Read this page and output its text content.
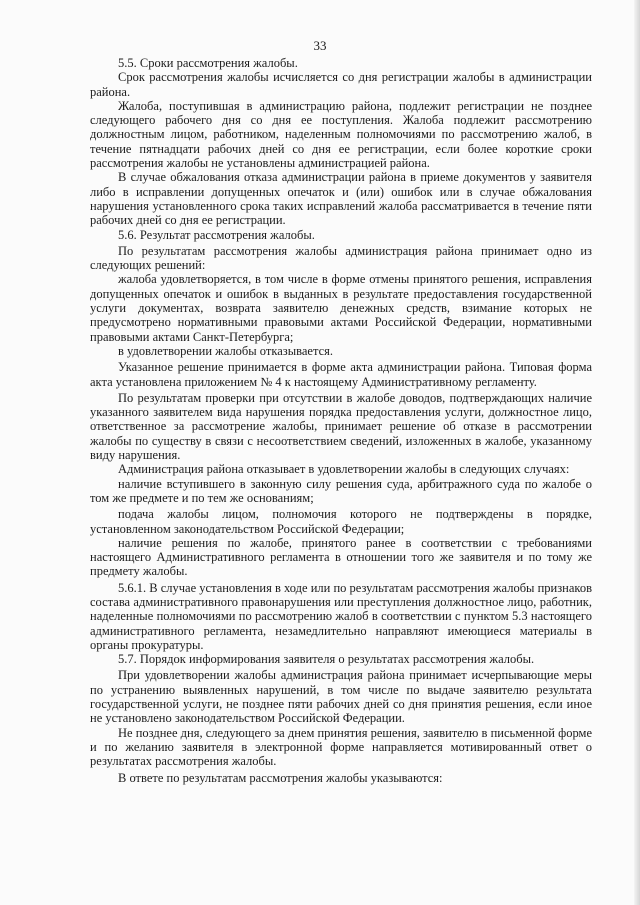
33

5.5. Сроки рассмотрения жалобы.

Срок рассмотрения жалобы исчисляется со дня регистрации жалобы в администрации района.

Жалоба, поступившая в администрацию района, подлежит регистрации не позднее следующего рабочего дня со дня ее поступления. Жалоба подлежит рассмотрению должностным лицом, работником, наделенным полномочиями по рассмотрению жалоб, в течение пятнадцати рабочих дней со дня ее регистрации, если более короткие сроки рассмотрения жалобы не установлены администрацией района.

В случае обжалования отказа администрации района в приеме документов у заявителя либо в исправлении допущенных опечаток и (или) ошибок или в случае обжалования нарушения установленного срока таких исправлений жалоба рассматривается в течение пяти рабочих дней со дня ее регистрации.

5.6. Результат рассмотрения жалобы.

По результатам рассмотрения жалобы администрация района принимает одно из следующих решений:

жалоба удовлетворяется, в том числе в форме отмены принятого решения, исправления допущенных опечаток и ошибок в выданных в результате предоставления государственной услуги документах, возврата заявителю денежных средств, взимание которых не предусмотрено нормативными правовыми актами Российской Федерации, нормативными правовыми актами Санкт-Петербурга;

в удовлетворении жалобы отказывается.

Указанное решение принимается в форме акта администрации района. Типовая форма акта установлена приложением № 4 к настоящему Административному регламенту.

По результатам проверки при отсутствии в жалобе доводов, подтверждающих наличие указанного заявителем вида нарушения порядка предоставления услуги, должностное лицо, ответственное за рассмотрение жалобы, принимает решение об отказе в рассмотрении жалобы по существу в связи с несоответствием сведений, изложенных в жалобе, указанному виду нарушения.

Администрация района отказывает в удовлетворении жалобы в следующих случаях:

наличие вступившего в законную силу решения суда, арбитражного суда по жалобе о том же предмете и по тем же основаниям;

подача жалобы лицом, полномочия которого не подтверждены в порядке, установленном законодательством Российской Федерации;

наличие решения по жалобе, принятого ранее в соответствии с требованиями настоящего Административного регламента в отношении того же заявителя и по тому же предмету жалобы.

5.6.1. В случае установления в ходе или по результатам рассмотрения жалобы признаков состава административного правонарушения или преступления должностное лицо, работник, наделенные полномочиями по рассмотрению жалоб в соответствии с пунктом 5.3 настоящего административного регламента, незамедлительно направляют имеющиеся материалы в органы прокуратуры.

5.7. Порядок информирования заявителя о результатах рассмотрения жалобы.

При удовлетворении жалобы администрация района принимает исчерпывающие меры по устранению выявленных нарушений, в том числе по выдаче заявителю результата государственной услуги, не позднее пяти рабочих дней со дня принятия решения, если иное не установлено законодательством Российской Федерации.

Не позднее дня, следующего за днем принятия решения, заявителю в письменной форме и по желанию заявителя в электронной форме направляется мотивированный ответ о результатах рассмотрения жалобы.

В ответе по результатам рассмотрения жалобы указываются:
